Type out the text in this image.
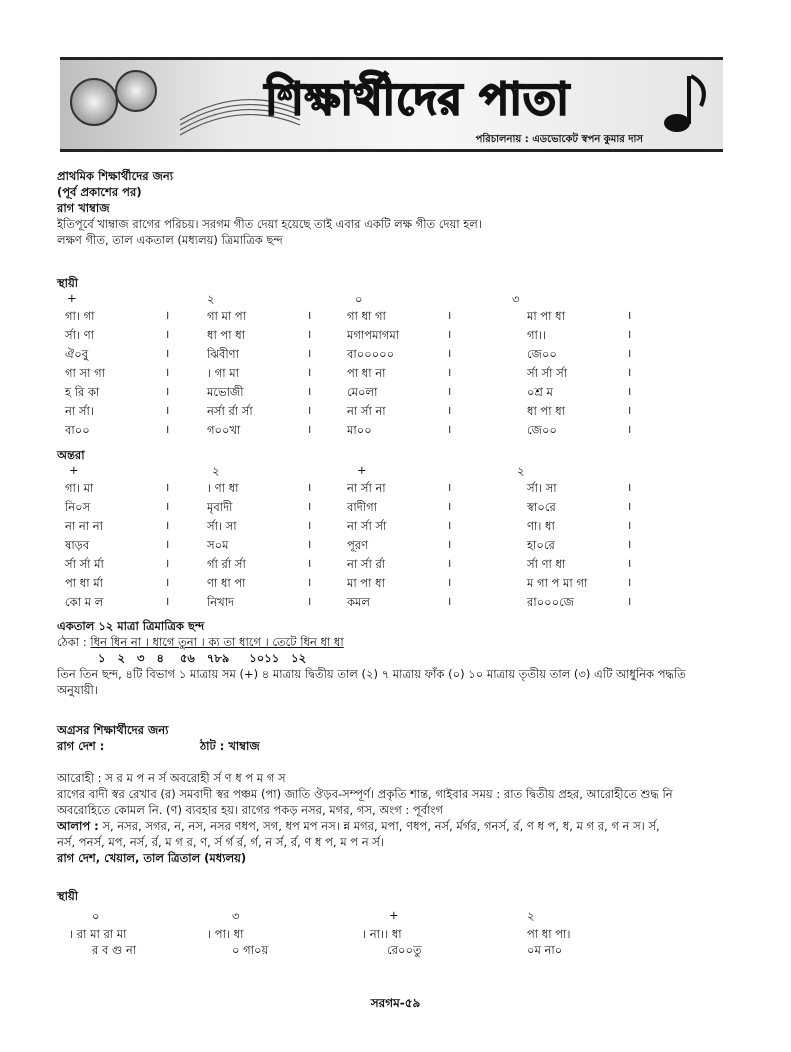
শিক্ষার্থীদের পাতা
পরিচালনায় : এডভোকেট স্বপন কুমার দাস
প্রাথমিক শিক্ষার্থীদের জন্য
(পূর্ব প্রকাশের পর)
রাগ খাম্বাজ
ইতিপূর্বে খাম্বাজ রাগের পরিচয়। সরগম গীত দেয়া হয়েছে তাই এবার একটি লক্ষ গীত দেয়া হল।
লক্ষণ গীত, তাল একতাল (মধ্যলয়) ত্রিমাত্রিক ছন্দ
স্থায়ী
+	২	০	৩
গা। গা	।	গা মা পা	।	গা ধা গা	।	মা পা ধা	।
র্সা। ণা	।	ধা পা ধা	।	মগাপমাগমা	।	গা।।	।
ঐ০বু	।	ঝিবীণা	।	বা০০০০০	।	জে০০	।
গা সা গা	।	। গা মা	।	পা ধা না	।	র্সা র্সা র্সা	।
হ রি কা	।	মভোজী	।	মে০লা	।	০শ্র ম	।
না র্সা।	।	নর্সা র্রা র্সা	।	না র্সা না	।	ধা পা ধা	।
বা০০	।	গ০০খা	।	মা০০	।	জে০০	।
অন্তরা
+	২	+	২
গা। মা	।	। ণা ধা	।	না র্সা না	।	র্সা। সা	।
নি০স	।	মৃবাদী	।	বাদীগা	।	স্বা০রে	।
না না না	।	র্সা। সা	।	না র্সা র্সা	।	ণা। ধা	।
ষাড়ব	।	স০ম	।	পূরণ	।	হা০রে	।
র্সা র্সা র্মা	।	র্গা র্রা র্সা	।	না র্সা র্রা	।	র্সা ণা ধা	।
পা ধা র্মা	।	ণা ধা পা	।	মা পা ধা	।	ম গা প মা গা	।
কো ম ল	।	নিখাদ	।	কমল	।	রা০০০জে	।
একতাল ১২ মাত্রা ত্রিমাত্রিক ছন্দ
ঠেকা : ধিন ধিন না । ধাগে তুনা । ক্য তা ধাগে । তেটে ধিন ধা ধা
১   ২   ৩   ৪    ৫৬   ৭৮৯     ১০১১   ১২
তিন তিন ছন্দ, ৪টি বিভাগ ১ মাত্রায় সম (+) ৪ মাত্রায় দ্বিতীয় তাল (২) ৭ মাত্রায় ফাঁক (০) ১০ মাত্রায় তৃতীয় তাল (৩) এটি আধুনিক পদ্ধতি
অনুযায়ী।
অগ্রসর শিক্ষার্থীদের জন্য
রাগ দেশ :	ঠাট : খাম্বাজ
আরোহী : স র ম প ন র্স অবরোহী র্স ণ ধ প ম গ স
রাগের বাদী স্বর রেখাব (র) সমবাদী স্বর পঞ্চম (পা) জাতি ঔড়ব-সম্পূর্ণ। প্রকৃতি শান্ত, গাইবার সময় : রাত দ্বিতীয় প্রহর, আরোহীতে শুদ্ধ নি
অবরোহিতে কোমল নি. (ণ) ব্যবহার হয়। রাগের পকড় নসর, মগর, গস, অংগ : পূর্বাংগ
আলাপ : স, নসর, সগর, ন, নস, নসর ণধপ, সগ, ধপ মপ নস। ন্ন মগর, মপা, ণধপ, নর্স, র্মর্গর, গনর্স, র্র, ণ ধ প, ধ, ম গ র, গ ন স। র্স,
নর্স, পনর্স, মপ, নর্স, র্র, ম গ র, ণ, র্স র্গ র্র, র্গ, ন র্স, র্র, ণ ধ প, ম প ন র্স।
রাগ দেশ, খেয়াল, তাল ত্রিতাল (মধ্যলয়)
স্থায়ী
০	৩	+	২
। রা মা রা মা	। পা। ধা	। না।। ধা	পা ধা পা।
র ব গু না	০ গা০য়	রে০০তু	০ম না০
সরগম-৫৯
